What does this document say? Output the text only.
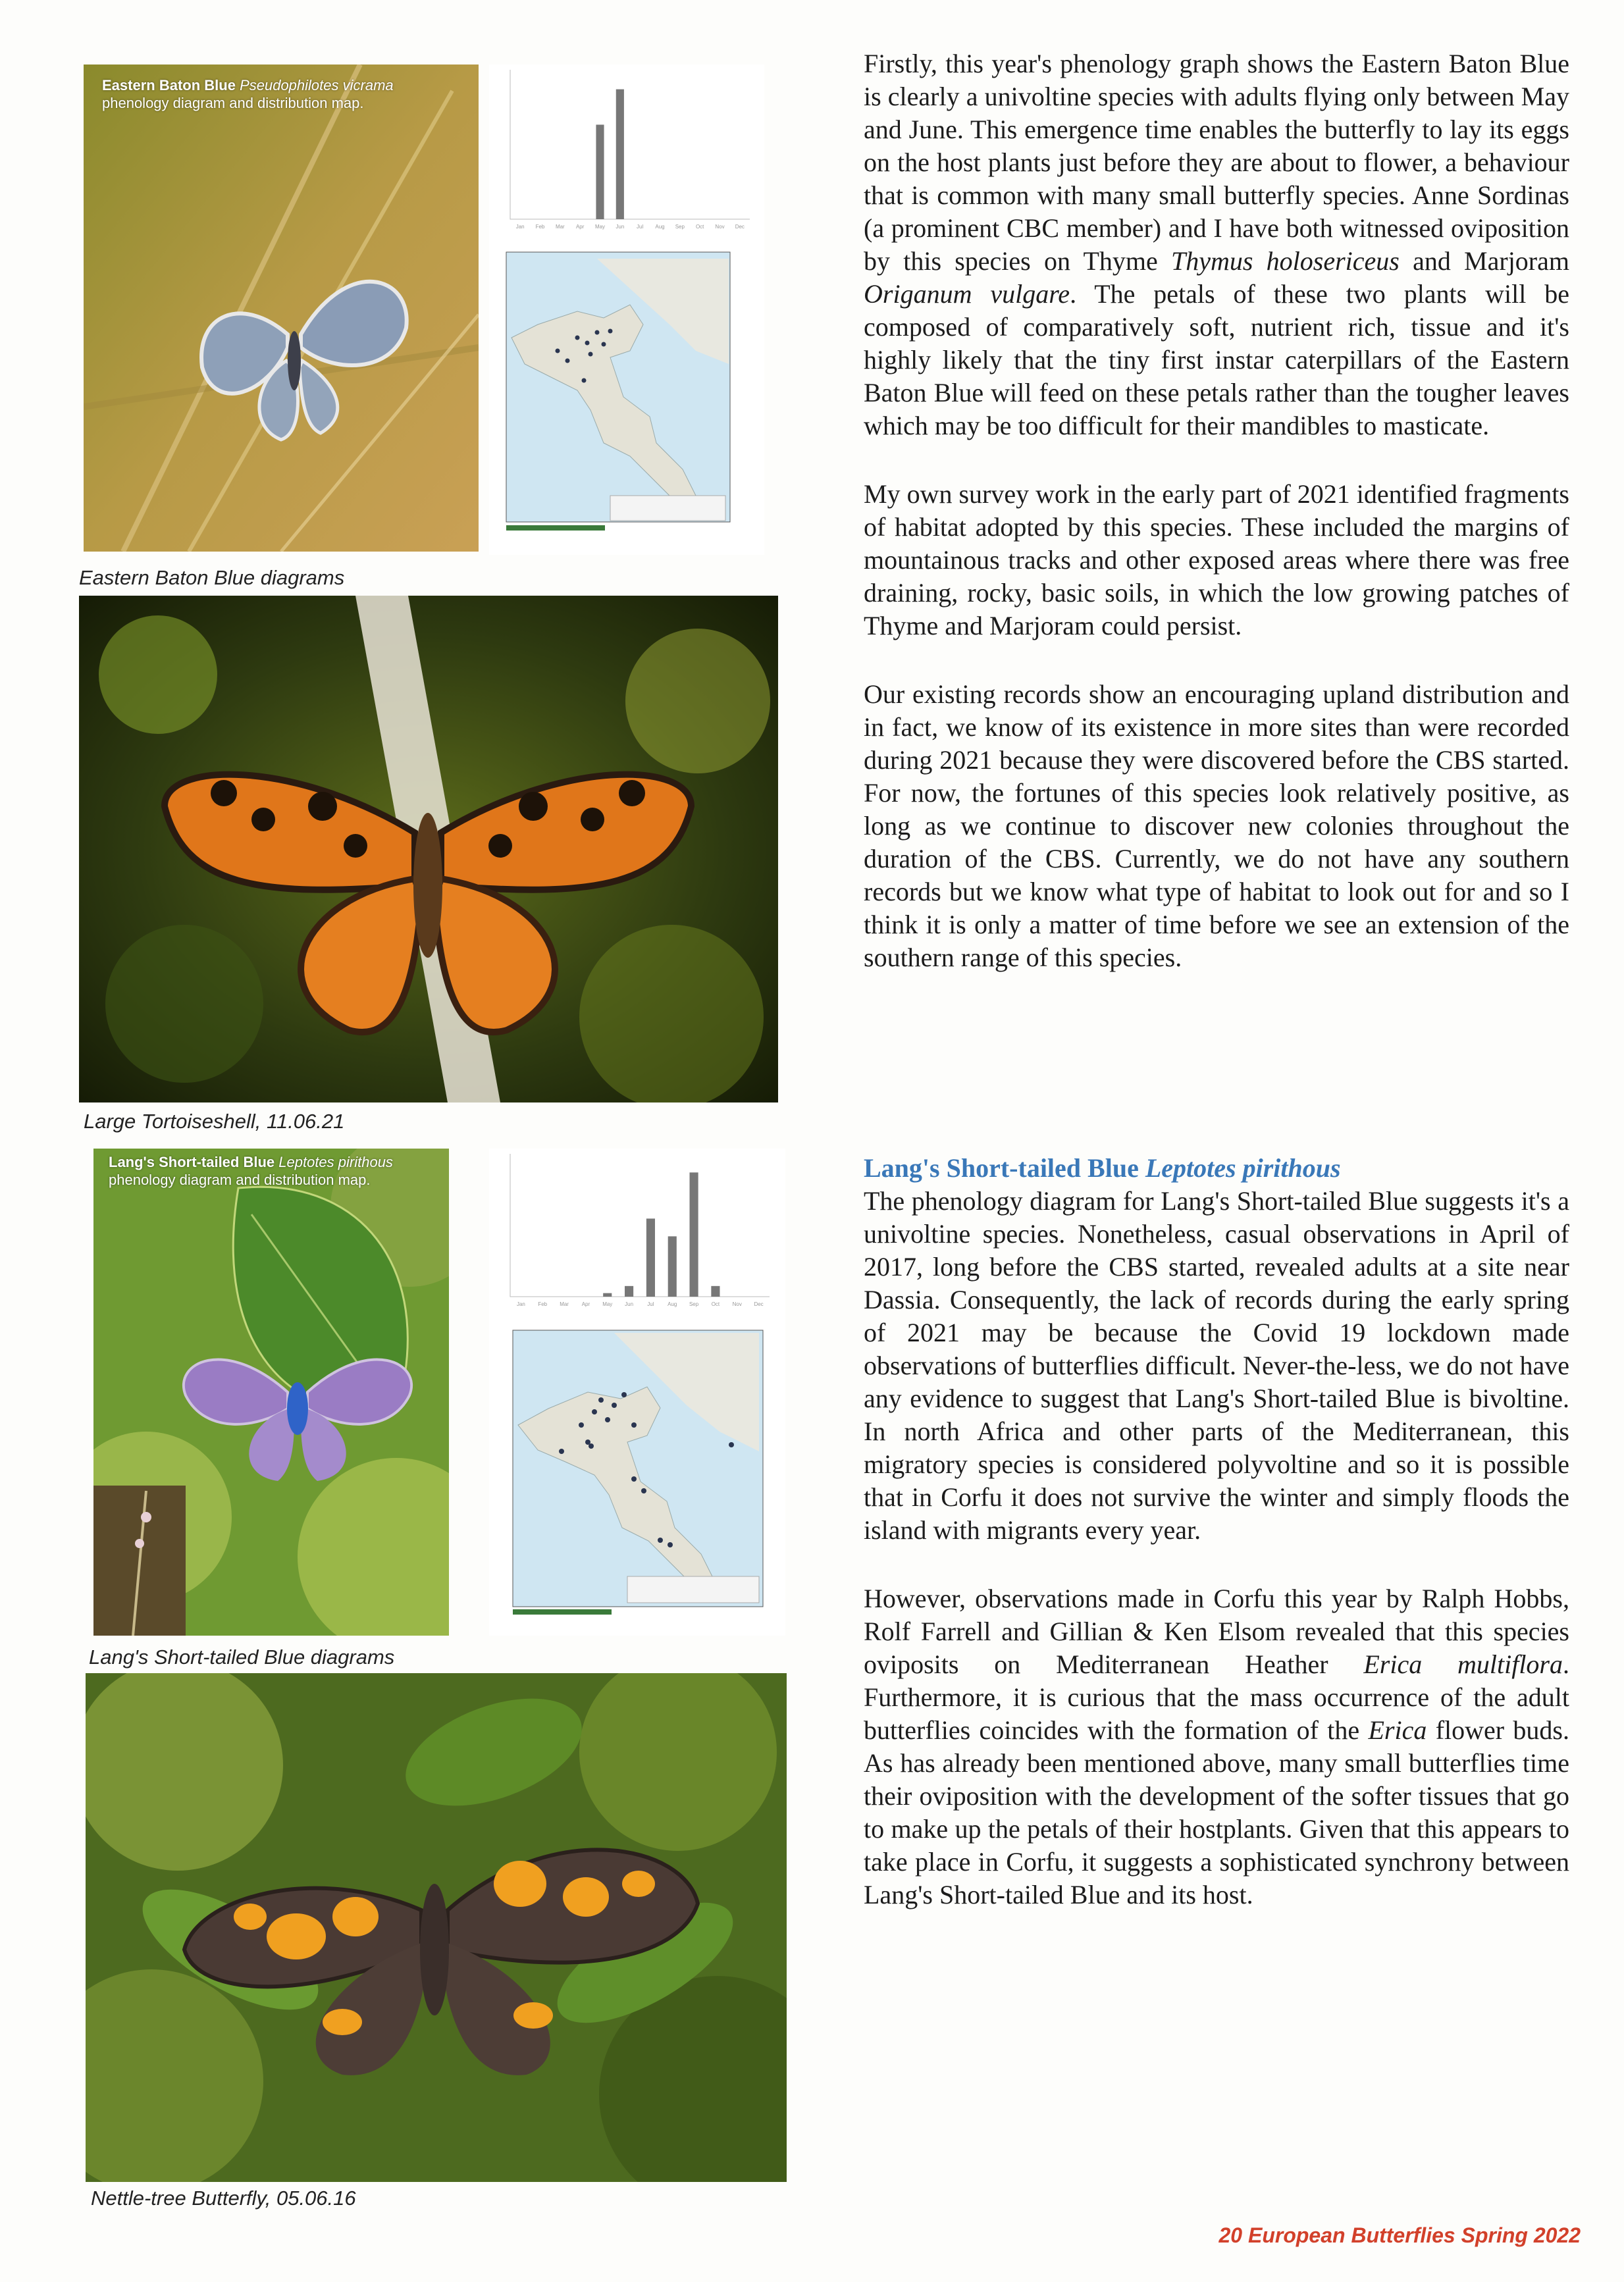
Eastern Baton Blue Pseudophilotes vicrama
phenology diagram and distribution map.
Jan Feb Mar Apr May Jun Jul Aug Sep Oct Nov Dec
Eastern Baton Blue diagrams
Large Tortoiseshell, 11.06.21
Lang's Short-tailed Blue Leptotes pirithous
phenology diagram and distribution map.
Jan Feb Mar Apr May Jun	Jul	Aug Sep Oct Nov Dec
Lang's Short-tailed Blue diagrams
Nettle-tree Butterfly, 05.06.16

Firstly, this year's phenology graph shows the Eastern Baton Blue is clearly a univoltine species with adults flying only between May and June. This emergence time enables the butterfly to lay its eggs on the host plants just before they are about to flower, a behaviour that is common with many small butterfly species. Anne Sordinas (a prominent CBC member) and I have both witnessed oviposition by this species on Thyme Thymus holosericeus and Marjoram Origanum vulgare. The petals of these two plants will be composed of comparatively soft, nutrient rich, tissue and it's highly likely that the tiny first instar caterpillars of the Eastern Baton Blue will feed on these petals rather than the tougher leaves which may be too difficult for their mandibles to masticate.

My own survey work in the early part of 2021 identified fragments of habitat adopted by this species. These included the margins of mountainous tracks and other exposed areas where there was free draining, rocky, basic soils, in which the low growing patches of Thyme and Marjoram could persist.

Our existing records show an encouraging upland distribution and in fact, we know of its existence in more sites than were recorded during 2021 because they were discovered before the CBS started. For now, the fortunes of this species look relatively positive, as long as we continue to discover new colonies throughout the duration of the CBS. Currently, we do not have any southern records but we know what type of habitat to look out for and so I think it is only a matter of time before we see an extension of the southern range of this species.

Lang's Short-tailed Blue Leptotes pirithous

The phenology diagram for Lang's Short-tailed Blue suggests it's a univoltine species. Nonetheless, casual observations in April of 2017, long before the CBS started, revealed adults at a site near Dassia. Consequently, the lack of records during the early spring of 2021 may be because the Covid 19 lockdown made observations of butterflies difficult. Never-the-less, we do not have any evidence to suggest that Lang's Short-tailed Blue is bivoltine. In north Africa and other parts of the Mediterranean, this migratory species is considered polyvoltine and so it is possible that in Corfu it does not survive the winter and simply floods the island with migrants every year.

However, observations made in Corfu this year by Ralph Hobbs, Rolf Farrell and Gillian & Ken Elsom revealed that this species oviposits on Mediterranean Heather Erica multiflora. Furthermore, it is curious that the mass occurrence of the adult butterflies coincides with the formation of the Erica flower buds. As has already been mentioned above, many small butterflies time their oviposition with the development of the softer tissues that go to make up the petals of their hostplants. Given that this appears to take place in Corfu, it suggests a sophisticated synchrony between Lang's Short-tailed Blue and its host.

20 European Butterflies Spring 2022
